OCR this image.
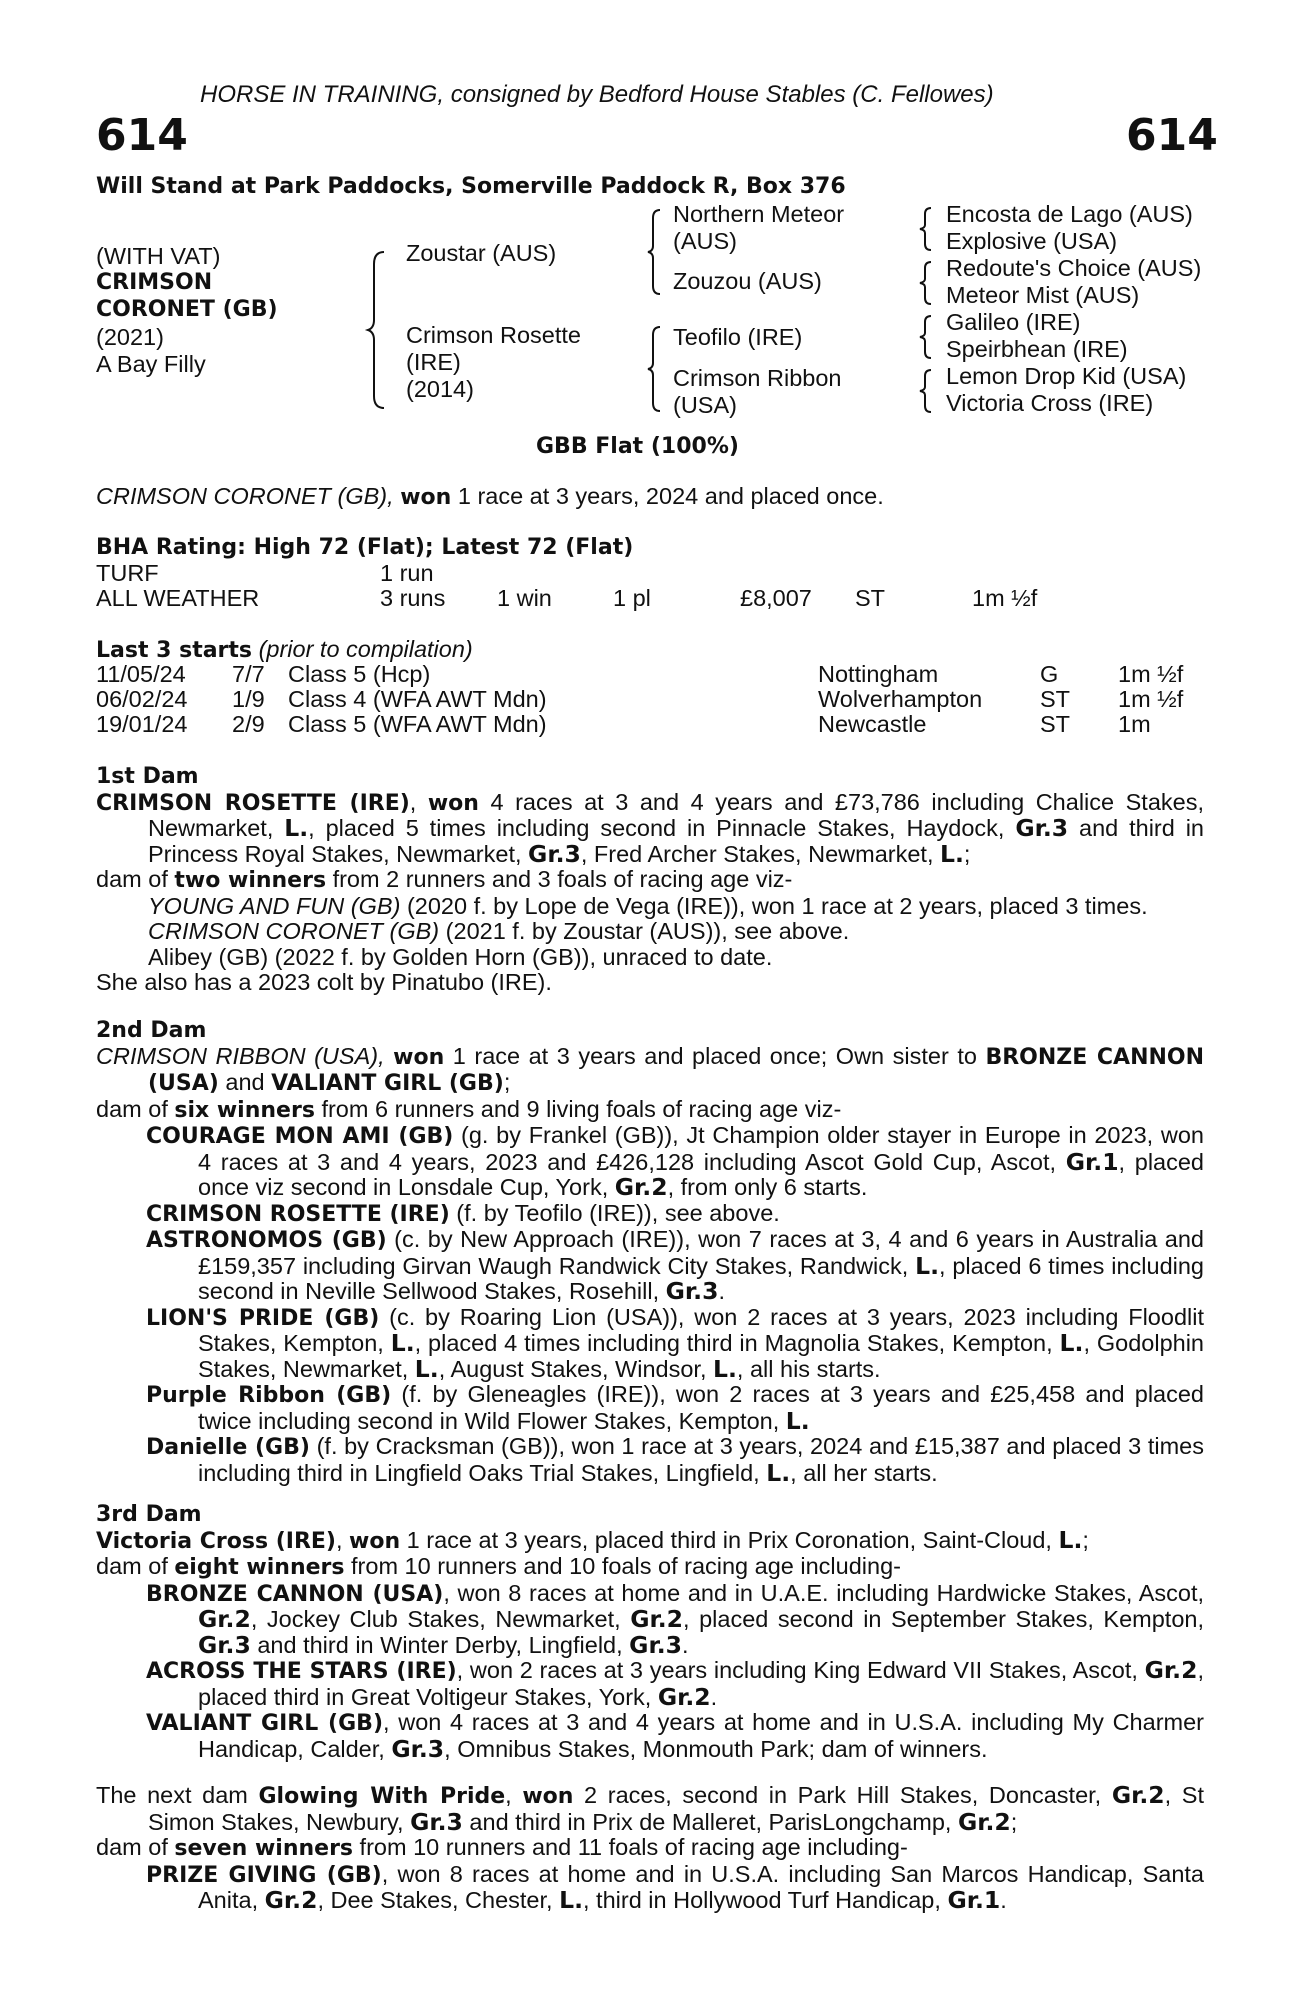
HORSE IN TRAINING, consigned by Bedford House Stables (C. Fellowes)
614	614
Will Stand at Park Paddocks, Somerville Paddock R, Box 376
(WITH VAT)
CRIMSON
CORONET (GB)
(2021)
A Bay Filly
Zoustar (AUS)
Crimson Rosette
(IRE)
(2014)
Northern Meteor
(AUS)
Zouzou (AUS)
Teofilo (IRE)
Crimson Ribbon
(USA)
Encosta de Lago (AUS)
Explosive (USA)
Redoute's Choice (AUS)
Meteor Mist (AUS)
Galileo (IRE)
Speirbhean (IRE)
Lemon Drop Kid (USA)
Victoria Cross (IRE)
GBB Flat (100%)
CRIMSON CORONET (GB), won 1 race at 3 years, 2024 and placed once.
BHA Rating: High 72 (Flat); Latest 72 (Flat)
TURF	1 run
ALL WEATHER	3 runs 1 win	1 pl	£8,007 ST	1m ½f
Last 3 starts (prior to compilation)
11/05/24 7/7 Class 5 (Hcp)	Nottingham	G	1m ½f
06/02/24 1/9 Class 4 (WFA AWT Mdn)	Wolverhampton ST 1m ½f
19/01/24 2/9 Class 5 (WFA AWT Mdn)	Newcastle	ST 1m

1st Dam

CRIMSON ROSETTE (IRE), won 4 races at 3 and 4 years and £73,786 including Chalice Stakes, Newmarket, L., placed 5 times including second in Pinnacle Stakes, Haydock, Gr.3 and third in Princess Royal Stakes, Newmarket, Gr.3, Fred Archer Stakes, Newmarket, L.;

dam of two winners from 2 runners and 3 foals of racing age viz-

YOUNG AND FUN (GB) (2020 f. by Lope de Vega (IRE)), won 1 race at 2 years, placed 3 times.

CRIMSON CORONET (GB) (2021 f. by Zoustar (AUS)), see above.

Alibey (GB) (2022 f. by Golden Horn (GB)), unraced to date.

She also has a 2023 colt by Pinatubo (IRE).

2nd Dam

CRIMSON RIBBON (USA), won 1 race at 3 years and placed once; Own sister to BRONZE CANNON (USA) and VALIANT GIRL (GB);

dam of six winners from 6 runners and 9 living foals of racing age viz-

COURAGE MON AMI (GB) (g. by Frankel (GB)), Jt Champion older stayer in Europe in 2023, won 4 races at 3 and 4 years, 2023 and £426,128 including Ascot Gold Cup, Ascot, Gr.1, placed once viz second in Lonsdale Cup, York, Gr.2, from only 6 starts.

CRIMSON ROSETTE (IRE) (f. by Teofilo (IRE)), see above.

ASTRONOMOS (GB) (c. by New Approach (IRE)), won 7 races at 3, 4 and 6 years in Australia and £159,357 including Girvan Waugh Randwick City Stakes, Randwick, L., placed 6 times including second in Neville Sellwood Stakes, Rosehill, Gr.3.

LION'S PRIDE (GB) (c. by Roaring Lion (USA)), won 2 races at 3 years, 2023 including Floodlit Stakes, Kempton, L., placed 4 times including third in Magnolia Stakes, Kempton, L., Godolphin Stakes, Newmarket, L., August Stakes, Windsor, L., all his starts.

Purple Ribbon (GB) (f. by Gleneagles (IRE)), won 2 races at 3 years and £25,458 and placed twice including second in Wild Flower Stakes, Kempton, L.

Danielle (GB) (f. by Cracksman (GB)), won 1 race at 3 years, 2024 and £15,387 and placed 3 times including third in Lingfield Oaks Trial Stakes, Lingfield, L., all her starts.

3rd Dam

Victoria Cross (IRE), won 1 race at 3 years, placed third in Prix Coronation, Saint-Cloud, L.;

dam of eight winners from 10 runners and 10 foals of racing age including-

BRONZE CANNON (USA), won 8 races at home and in U.A.E. including Hardwicke Stakes, Ascot, Gr.2, Jockey Club Stakes, Newmarket, Gr.2, placed second in September Stakes, Kempton, Gr.3 and third in Winter Derby, Lingfield, Gr.3.

ACROSS THE STARS (IRE), won 2 races at 3 years including King Edward VII Stakes, Ascot, Gr.2, placed third in Great Voltigeur Stakes, York, Gr.2.

VALIANT GIRL (GB), won 4 races at 3 and 4 years at home and in U.S.A. including My Charmer Handicap, Calder, Gr.3, Omnibus Stakes, Monmouth Park; dam of winners.

The next dam Glowing With Pride, won 2 races, second in Park Hill Stakes, Doncaster, Gr.2, St Simon Stakes, Newbury, Gr.3 and third in Prix de Malleret, ParisLongchamp, Gr.2;

dam of seven winners from 10 runners and 11 foals of racing age including-

PRIZE GIVING (GB), won 8 races at home and in U.S.A. including San Marcos Handicap, Santa Anita, Gr.2, Dee Stakes, Chester, L., third in Hollywood Turf Handicap, Gr.1.
